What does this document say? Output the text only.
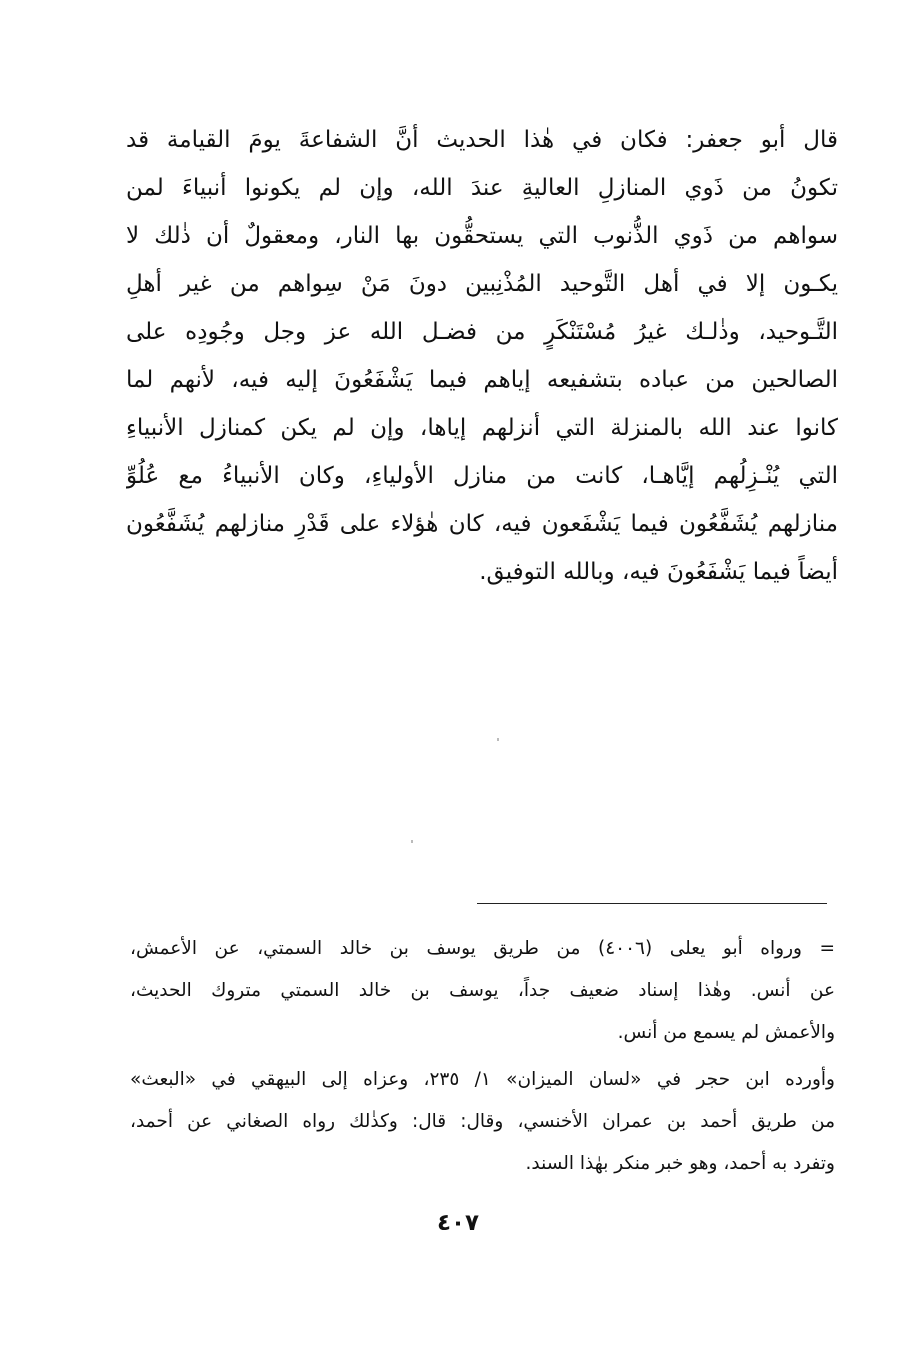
قال أبو جعفر: فكان في هٰذا الحديث أنَّ الشفاعةَ يومَ القيامة قد
تكونُ من ذَوي المنازلِ العاليةِ عندَ الله، وإن لم يكونوا أنبياءَ لمن
سواهم من ذَوي الذُّنوب التي يستحقُّون بها النار، ومعقولٌ أن ذٰلك لا
يكـون إلا في أهل التَّوحيد المُذْنِبين دونَ مَنْ سِواهم من غير أهلِ
التَّـوحيد، وذٰلـك غيرُ مُسْتَنْكَرٍ من فضـل الله عز وجل وجُودِه على
الصالحين من عباده بتشفيعه إياهم فيما يَشْفَعُونَ إليه فيه، لأنهم لما
كانوا عند الله بالمنزلة التي أنزلهم إياها، وإن لم يكن كمنازل الأنبياءِ
التي يُنْـزِلُهم إيَّاهـا، كانت من منازل الأولياءِ، وكان الأنبياءُ مع عُلُوِّ
منازلهم يُشَفَّعُون فيما يَشْفَعون فيه، كان هٰؤلاء على قَدْرِ منازلهم يُشَفَّعُون
أيضاً فيما يَشْفَعُونَ فيه، وبالله التوفيق.
= ورواه أبو يعلى (٤٠٠٦) من طريق يوسف بن خالد السمتي، عن الأعمش،
عن أنس. وهٰذا إسناد ضعيف جداً، يوسف بن خالد السمتي متروك الحديث،
والأعمش لم يسمع من أنس.
وأورده ابن حجر في «لسان الميزان» ١/ ٢٣٥، وعزاه إلى البيهقي في «البعث»
من طريق أحمد بن عمران الأخنسي، وقال: قال: وكذٰلك رواه الصغاني عن أحمد،
وتفرد به أحمد، وهو خبر منكر بهٰذا السند.
٤٠٧
